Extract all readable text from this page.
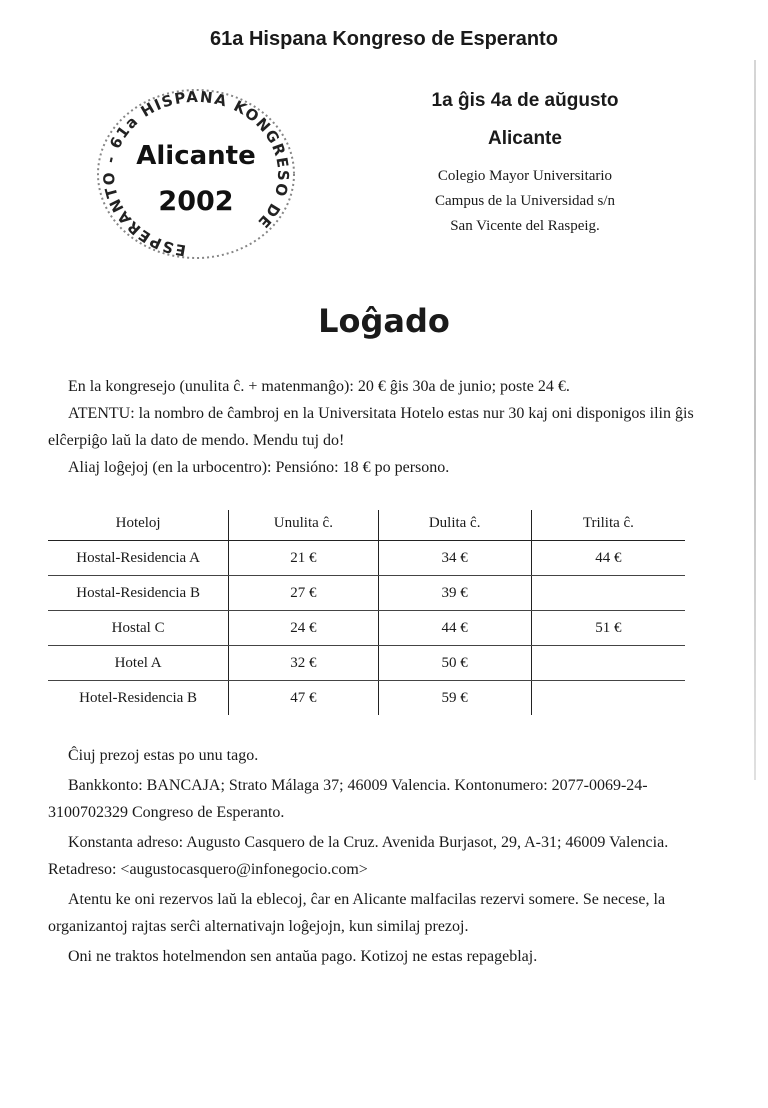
61a Hispana Kongreso de Esperanto
ESPERANTO - 61a HISPANA KONGRESO DE
Alicante
2002

1a ĝis 4a de aŭgusto

Alicante

Colegio Mayor Universitario

Campus de la Universidad s/n

San Vicente del Raspeig.

Loĝado

En la kongresejo (unulita ĉ. + matenmanĝo): 20 € ĝis 30a de junio; poste 24 €.

ATENTU: la nombro de ĉambroj en la Universitata Hotelo estas nur 30 kaj oni disponigos ilin ĝis elĉerpiĝo laŭ la dato de mendo. Mendu tuj do!

Aliaj loĝejoj (en la urbocentro): Pensióno: 18 € po persono.

Hoteloj	Unulita ĉ.	Dulita ĉ.	Trilita ĉ.
Hostal-Residencia A	21 €	34 €	44 €
Hostal-Residencia B	27 €	39 €	
Hostal C	24 €	44 €	51 €
Hotel A	32 €	50 €	
Hotel-Residencia B	47 €	59 €	

Ĉiuj prezoj estas po unu tago.

Bankkonto: BANCAJA; Strato Málaga 37; 46009 Valencia. Kontonumero: 2077-0069-24-3100702329 Congreso de Esperanto.

Konstanta adreso: Augusto Casquero de la Cruz. Avenida Burjasot, 29, A-31; 46009 Valencia. Retadreso: <augustocasquero@infonegocio.com>

Atentu ke oni rezervos laŭ la eblecoj, ĉar en Alicante malfacilas rezervi somere. Se necese, la organizantoj rajtas serĉi alternativajn loĝejojn, kun similaj prezoj.

Oni ne traktos hotelmendon sen antaŭa pago. Kotizoj ne estas repageblaj.
